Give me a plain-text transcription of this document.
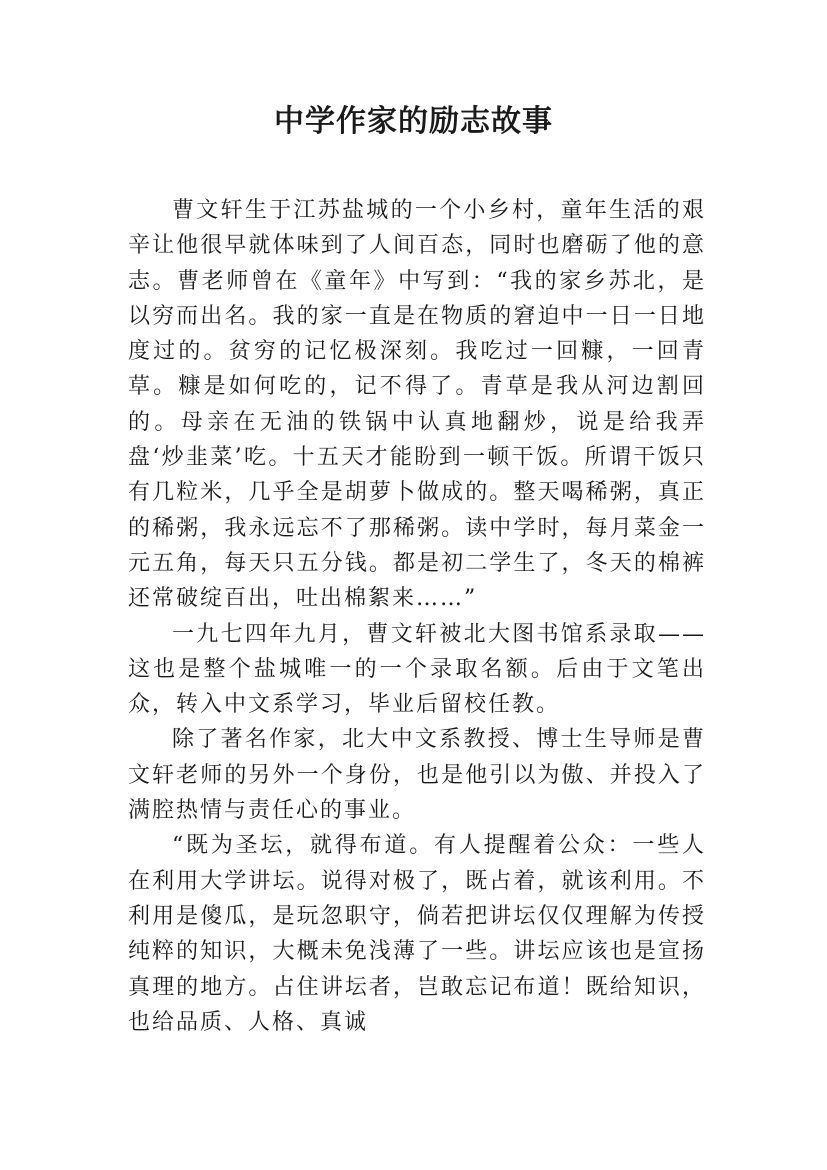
中学作家的励志故事

曹文轩生于江苏盐城的一个小乡村，童年生活的艰辛让他很早就体味到了人间百态，同时也磨砺了他的意志。曹老师曾在《童年》中写到：“我的家乡苏北，是以穷而出名。我的家一直是在物质的窘迫中一日一日地度过的。贫穷的记忆极深刻。我吃过一回糠，一回青草。糠是如何吃的，记不得了。青草是我从河边割回的。母亲在无油的铁锅中认真地翻炒，说是给我弄盘‘炒韭菜’吃。十五天才能盼到一顿干饭。所谓干饭只有几粒米，几乎全是胡萝卜做成的。整天喝稀粥，真正的稀粥，我永远忘不了那稀粥。读中学时，每月菜金一元五角，每天只五分钱。都是初二学生了，冬天的棉裤还常破绽百出，吐出棉絮来……”

一九七四年九月，曹文轩被北大图书馆系录取——这也是整个盐城唯一的一个录取名额。后由于文笔出众，转入中文系学习，毕业后留校任教。

除了著名作家，北大中文系教授、博士生导师是曹文轩老师的另外一个身份，也是他引以为傲、并投入了满腔热情与责任心的事业。

“既为圣坛，就得布道。有人提醒着公众：一些人在利用大学讲坛。说得对极了，既占着，就该利用。不利用是傻瓜，是玩忽职守，倘若把讲坛仅仅理解为传授纯粹的知识，大概未免浅薄了一些。讲坛应该也是宣扬真理的地方。占住讲坛者，岂敢忘记布道！既给知识，也给品质、人格、真诚
